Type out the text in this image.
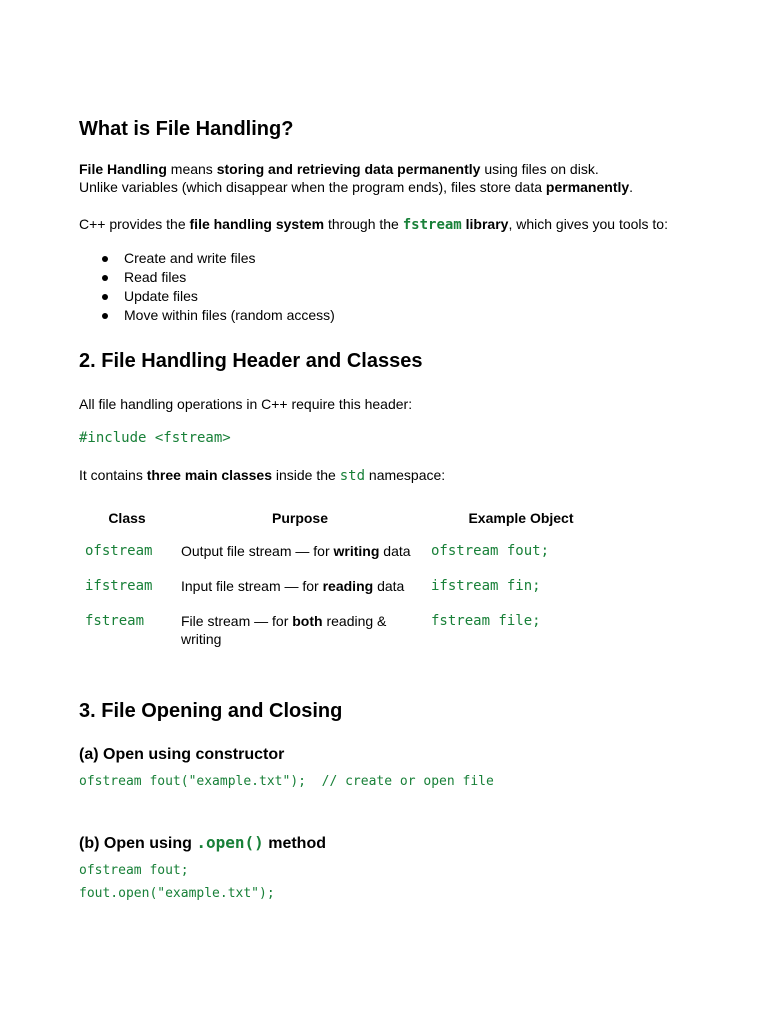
What is File Handling?
File Handling means storing and retrieving data permanently using files on disk.
Unlike variables (which disappear when the program ends), files store data permanently.
C++ provides the file handling system through the fstream library, which gives you tools to:
Create and write files
Read files
Update files
Move within files (random access)
2. File Handling Header and Classes
All file handling operations in C++ require this header:
#include <fstream>
It contains three main classes inside the std namespace:
Class	Purpose	Example Object
ofstream	Output file stream — for writing data	ofstream fout;
ifstream	Input file stream — for reading data	ifstream fin;
fstream	File stream — for both reading & writing	fstream file;
3. File Opening and Closing
(a) Open using constructor
ofstream fout("example.txt");  // create or open file
(b) Open using .open() method
ofstream fout;
fout.open("example.txt");
